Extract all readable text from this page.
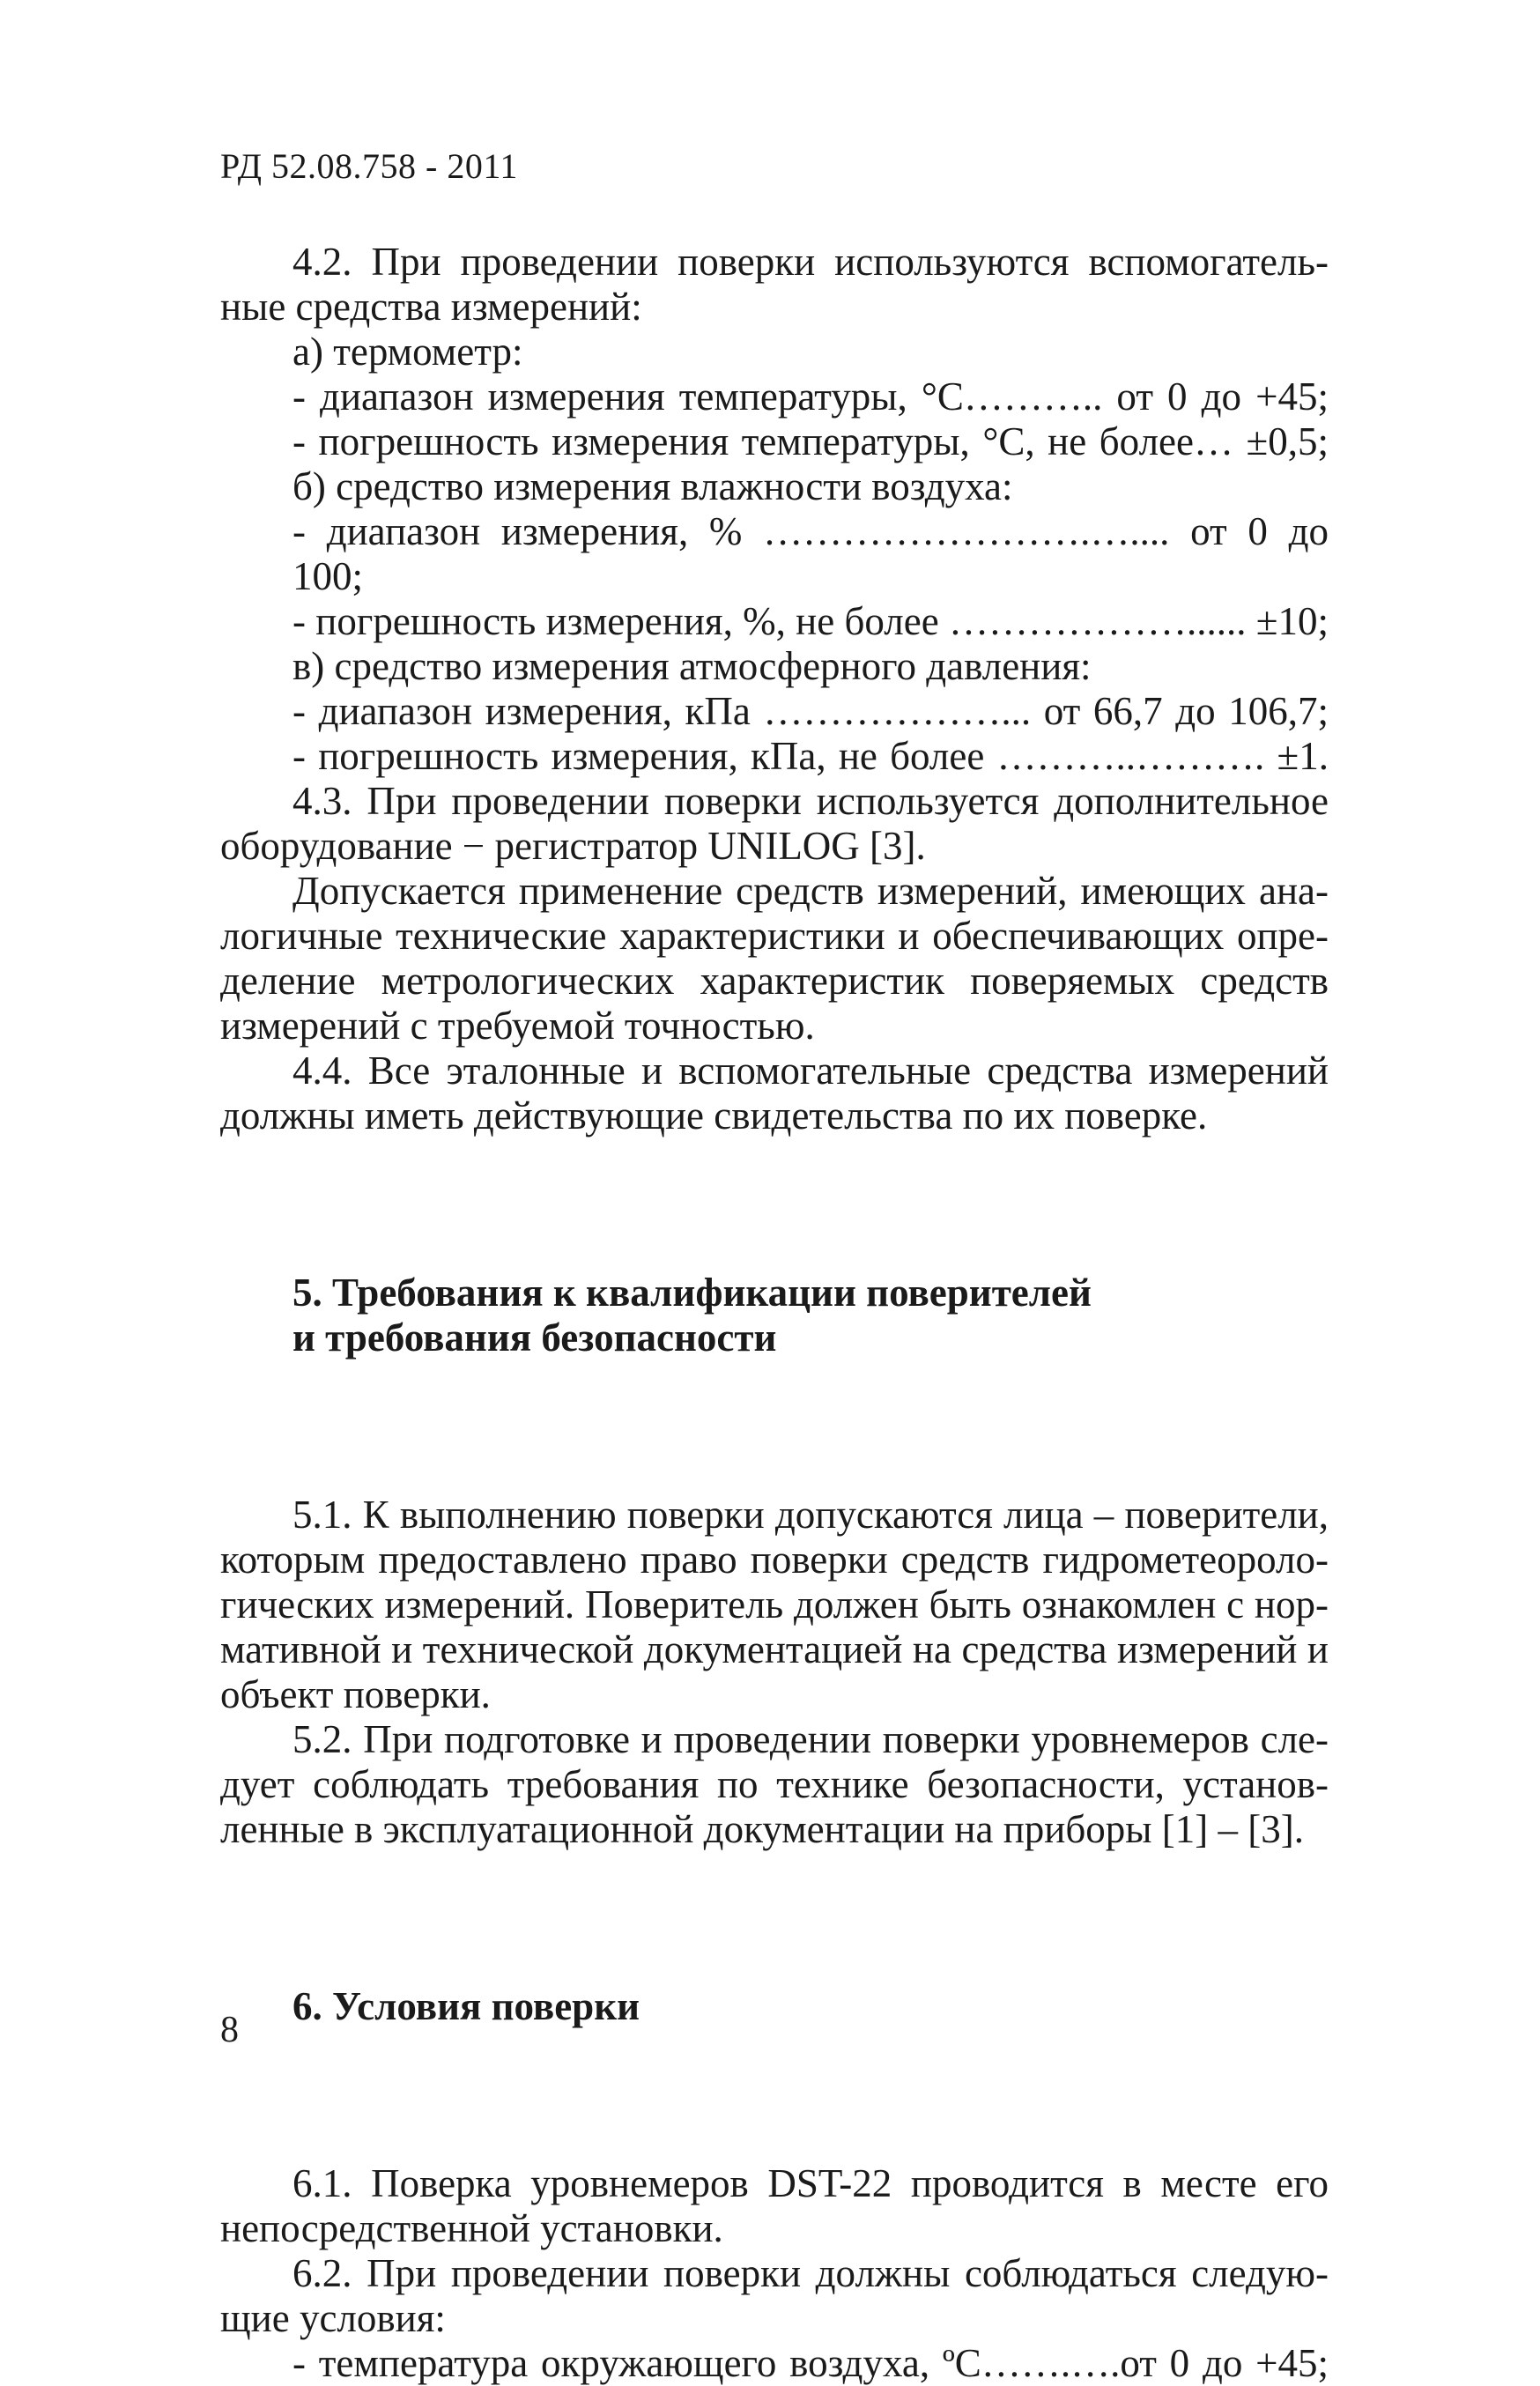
РД 52.08.758 - 2011

4.2. При проведении поверки используются вспомогатель-

ные средства измерений:

а) термометр:

- диапазон измерения температуры, °С……….. от 0 до +45;

- погрешность измерения температуры, °С, не более… ±0,5;

б) средство измерения влажности воздуха:

- диапазон измерения, % …………………….….... от 0 до 100;

- погрешность измерения, %, не более ………………...... ±10;

в) средство измерения атмосферного давления:

- диапазон измерения, кПа ………………... от 66,7 до 106,7;

- погрешность измерения, кПа, не более ………..………. ±1.

4.3. При проведении поверки используется дополнительное

оборудование − регистратор UNILOG [3].

Допускается применение средств измерений, имеющих ана-логичные технические характеристики и обеспечивающих опре-деление метрологических характеристик поверяемых средств измерений с требуемой точностью.

4.4. Все эталонные и вспомогательные средства измерений должны иметь действующие свидетельства по их поверке.

5. Требования к квалификации поверителей

и требования безопасности

5.1. К выполнению поверки допускаются лица – поверители, которым предоставлено право поверки средств гидрометеороло-гических измерений. Поверитель должен быть ознакомлен с нор-мативной и технической документацией на средства измерений и объект поверки.

5.2. При подготовке и проведении поверки уровнемеров сле-дует соблюдать требования по технике безопасности, установ-ленные в эксплуатационной документации на приборы [1] – [3].

6. Условия поверки

6.1. Поверка уровнемеров DST-22 проводится в месте его непосредственной установки.

6.2. При проведении поверки должны соблюдаться следую-щие условия:

- температура окружающего воздуха, ºС…….….от 0 до +45;

8
